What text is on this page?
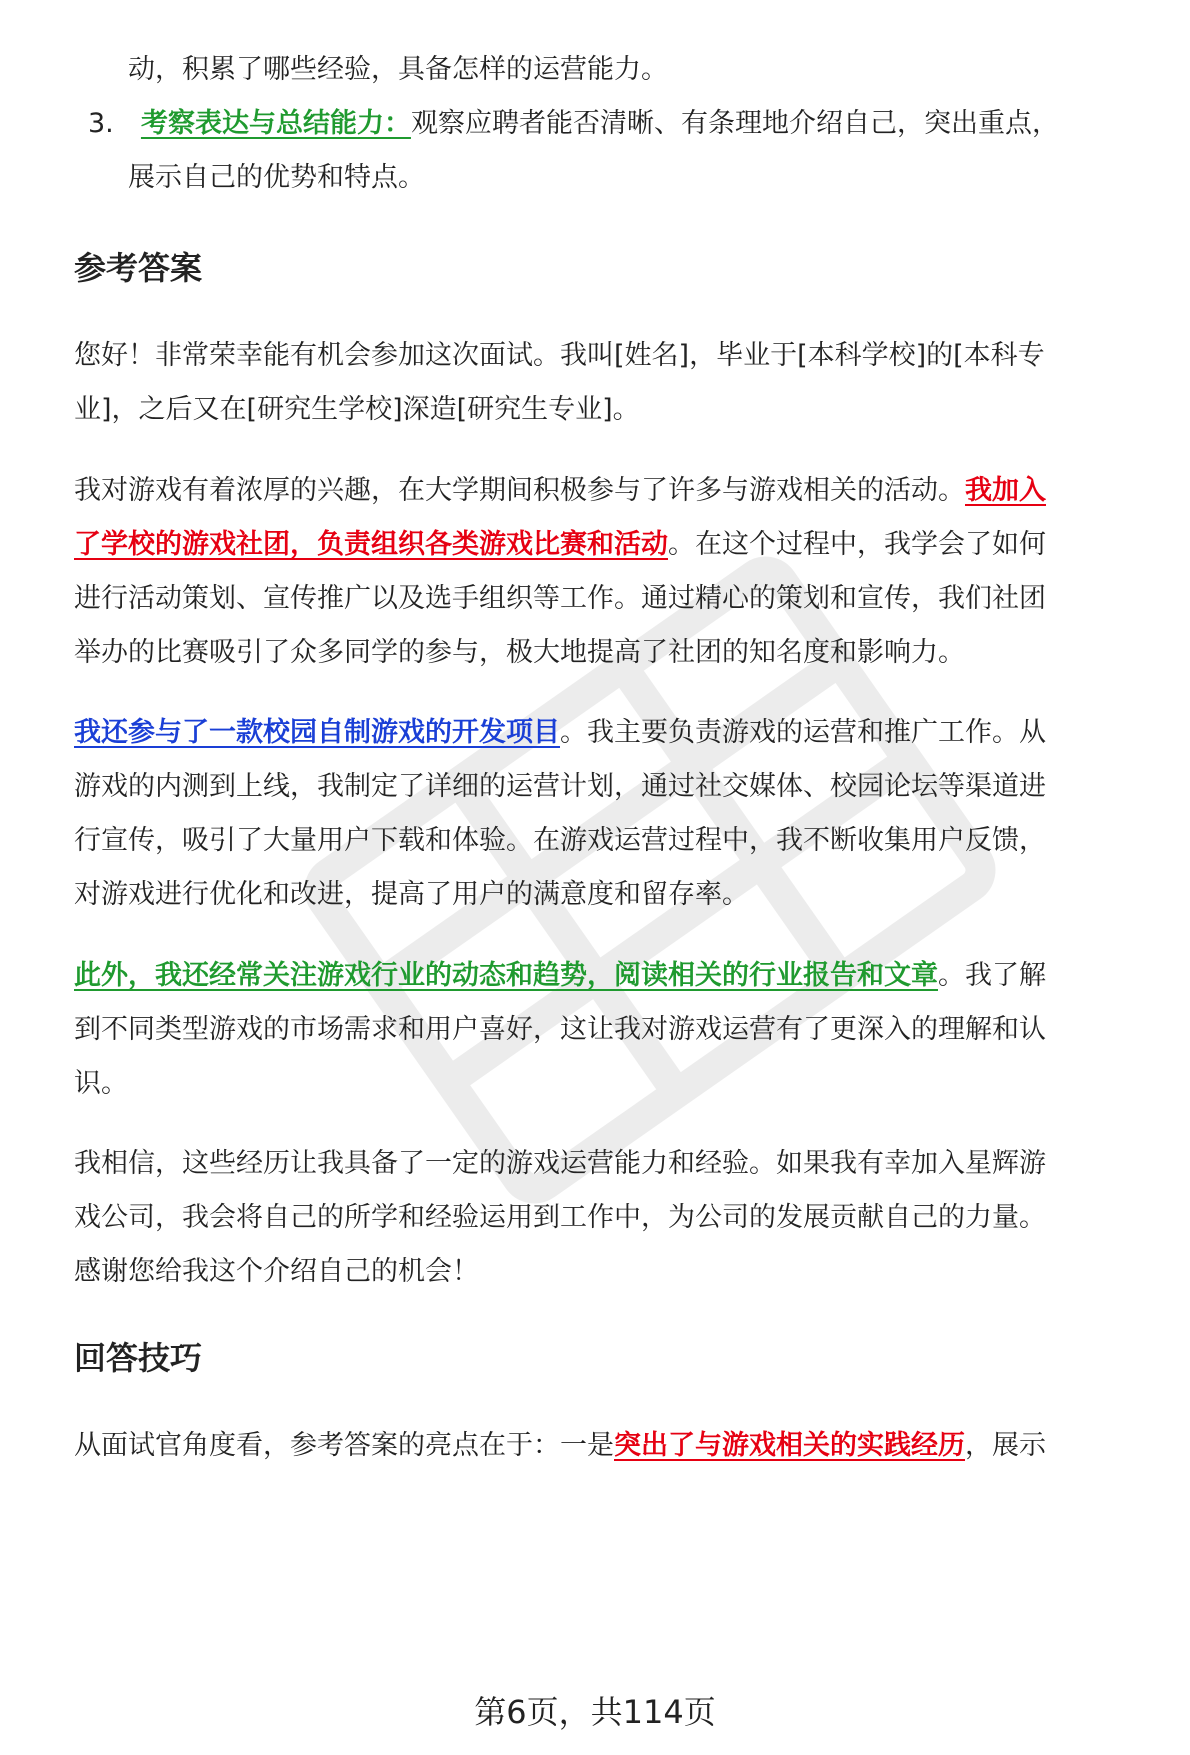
动，积累了哪些经验，具备怎样的运营能力。
3. 考察表达与总结能力：观察应聘者能否清晰、有条理地介绍自己，突出重点，
展示自己的优势和特点。
参考答案
您好！非常荣幸能有机会参加这次面试。我叫[姓名]，毕业于[本科学校]的[本科专
业]，之后又在[研究生学校]深造[研究生专业]。
我对游戏有着浓厚的兴趣，在大学期间积极参与了许多与游戏相关的活动。我加入
了学校的游戏社团，负责组织各类游戏比赛和活动。在这个过程中，我学会了如何
进行活动策划、宣传推广以及选手组织等工作。通过精心的策划和宣传，我们社团
举办的比赛吸引了众多同学的参与，极大地提高了社团的知名度和影响力。
我还参与了一款校园自制游戏的开发项目。我主要负责游戏的运营和推广工作。从
游戏的内测到上线，我制定了详细的运营计划，通过社交媒体、校园论坛等渠道进
行宣传，吸引了大量用户下载和体验。在游戏运营过程中，我不断收集用户反馈，
对游戏进行优化和改进，提高了用户的满意度和留存率。
此外，我还经常关注游戏行业的动态和趋势，阅读相关的行业报告和文章。我了解
到不同类型游戏的市场需求和用户喜好，这让我对游戏运营有了更深入的理解和认
识。
我相信，这些经历让我具备了一定的游戏运营能力和经验。如果我有幸加入星辉游
戏公司，我会将自己的所学和经验运用到工作中，为公司的发展贡献自己的力量。
感谢您给我这个介绍自己的机会！
回答技巧
从面试官角度看，参考答案的亮点在于：一是突出了与游戏相关的实践经历，展示
第6页，共114页
